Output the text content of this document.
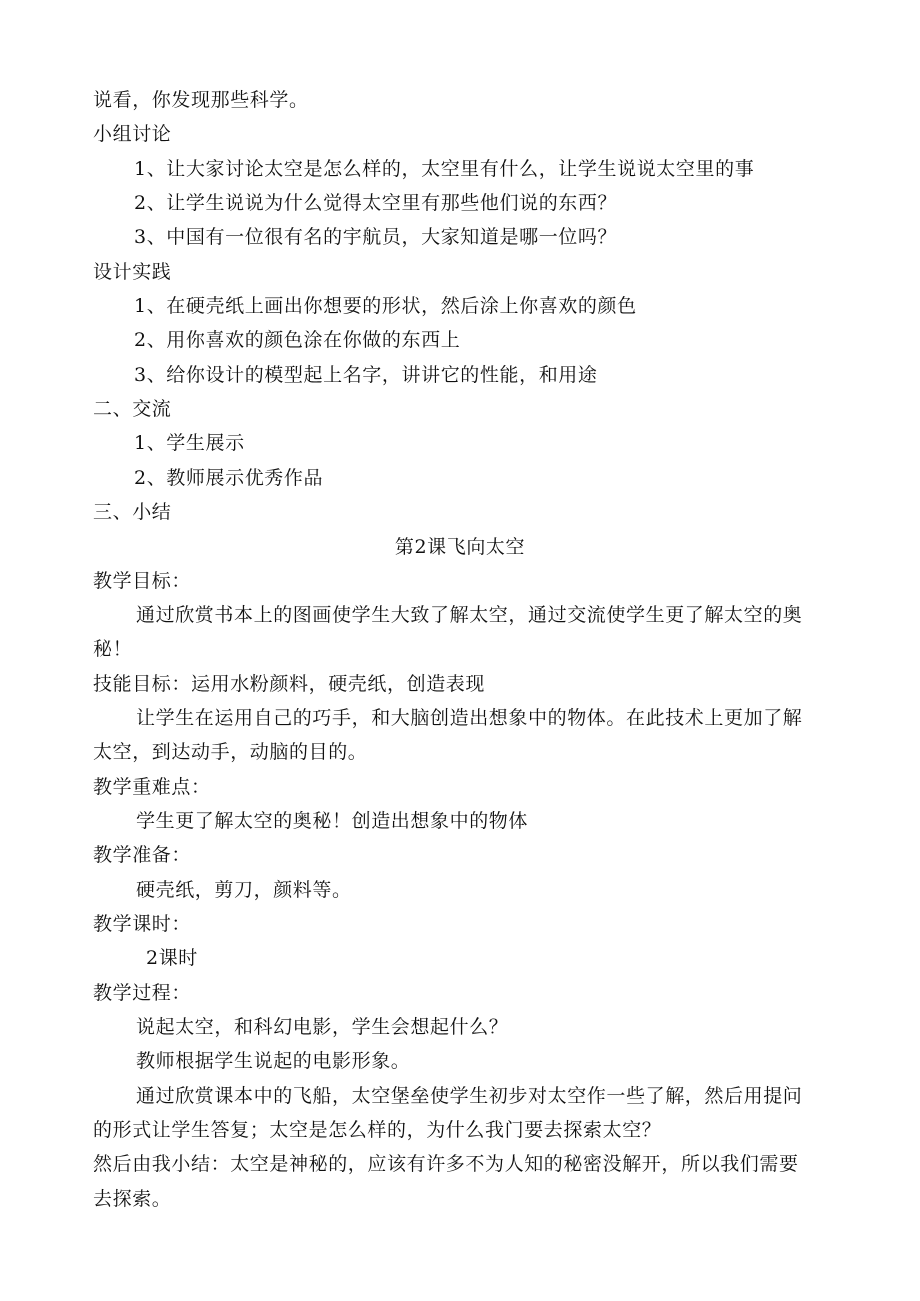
说看，你发现那些科学。
小组讨论
1、让大家讨论太空是怎么样的，太空里有什么，让学生说说太空里的事
2、让学生说说为什么觉得太空里有那些他们说的东西？
3、中国有一位很有名的宇航员，大家知道是哪一位吗？
设计实践
1、在硬壳纸上画出你想要的形状，然后涂上你喜欢的颜色
2、用你喜欢的颜色涂在你做的东西上
3、给你设计的模型起上名字，讲讲它的性能，和用途
二、交流
1、学生展示
2、教师展示优秀作品
三、小结
第2课飞向太空
教学目标：
通过欣赏书本上的图画使学生大致了解太空，通过交流使学生更了解太空的奥
秘！
技能目标：运用水粉颜料，硬壳纸，创造表现
让学生在运用自己的巧手，和大脑创造出想象中的物体。在此技术上更加了解
太空，到达动手，动脑的目的。
教学重难点：
学生更了解太空的奥秘！创造出想象中的物体
教学准备：
硬壳纸，剪刀，颜料等。
教学课时：
2课时
教学过程：
说起太空，和科幻电影，学生会想起什么？
教师根据学生说起的电影形象。
通过欣赏课本中的飞船，太空堡垒使学生初步对太空作一些了解，然后用提问
的形式让学生答复；太空是怎么样的，为什么我门要去探索太空？
然后由我小结：太空是神秘的，应该有许多不为人知的秘密没解开，所以我们需要
去探索。
